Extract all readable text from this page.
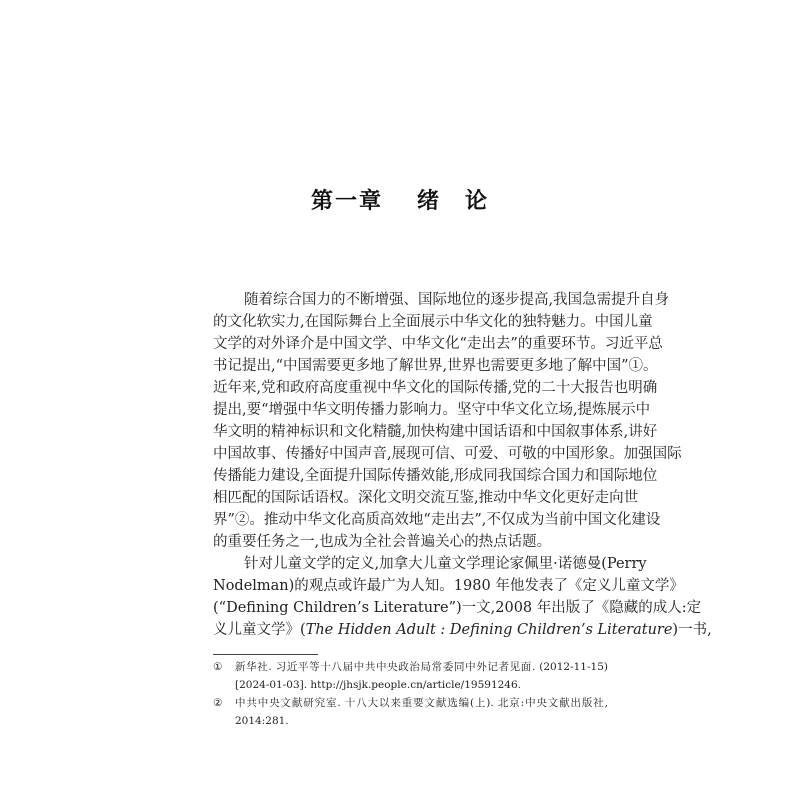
第一章 绪　论
随着综合国力的不断增强、国际地位的逐步提高,我国急需提升自身
的文化软实力,在国际舞台上全面展示中华文化的独特魅力。中国儿童
文学的对外译介是中国文学、中华文化“走出去”的重要环节。习近平总
书记提出,“中国需要更多地了解世界,世界也需要更多地了解中国”①。
近年来,党和政府高度重视中华文化的国际传播,党的二十大报告也明确
提出,要“增强中华文明传播力影响力。坚守中华文化立场,提炼展示中
华文明的精神标识和文化精髓,加快构建中国话语和中国叙事体系,讲好
中国故事、传播好中国声音,展现可信、可爱、可敬的中国形象。加强国际
传播能力建设,全面提升国际传播效能,形成同我国综合国力和国际地位
相匹配的国际话语权。深化文明交流互鉴,推动中华文化更好走向世
界”②。推动中华文化高质高效地“走出去”,不仅成为当前中国文化建设
的重要任务之一,也成为全社会普遍关心的热点话题。
针对儿童文学的定义,加拿大儿童文学理论家佩里·诺德曼(Perry
Nodelman)的观点或许最广为人知。1980 年他发表了《定义儿童文学》
(“Defining Children’s Literature”)一文,2008 年出版了《隐藏的成人:定
义儿童文学》(The Hidden Adult : Defining Children’s Literature)一书,
① 新华社. 习近平等十八届中共中央政治局常委同中外记者见面. (2012-11-15)[2024-01-03]. http://jhsjk.people.cn/article/19591246.
② 中共中央文献研究室. 十八大以来重要文献选编(上). 北京:中央文献出版社, 2014:281.
